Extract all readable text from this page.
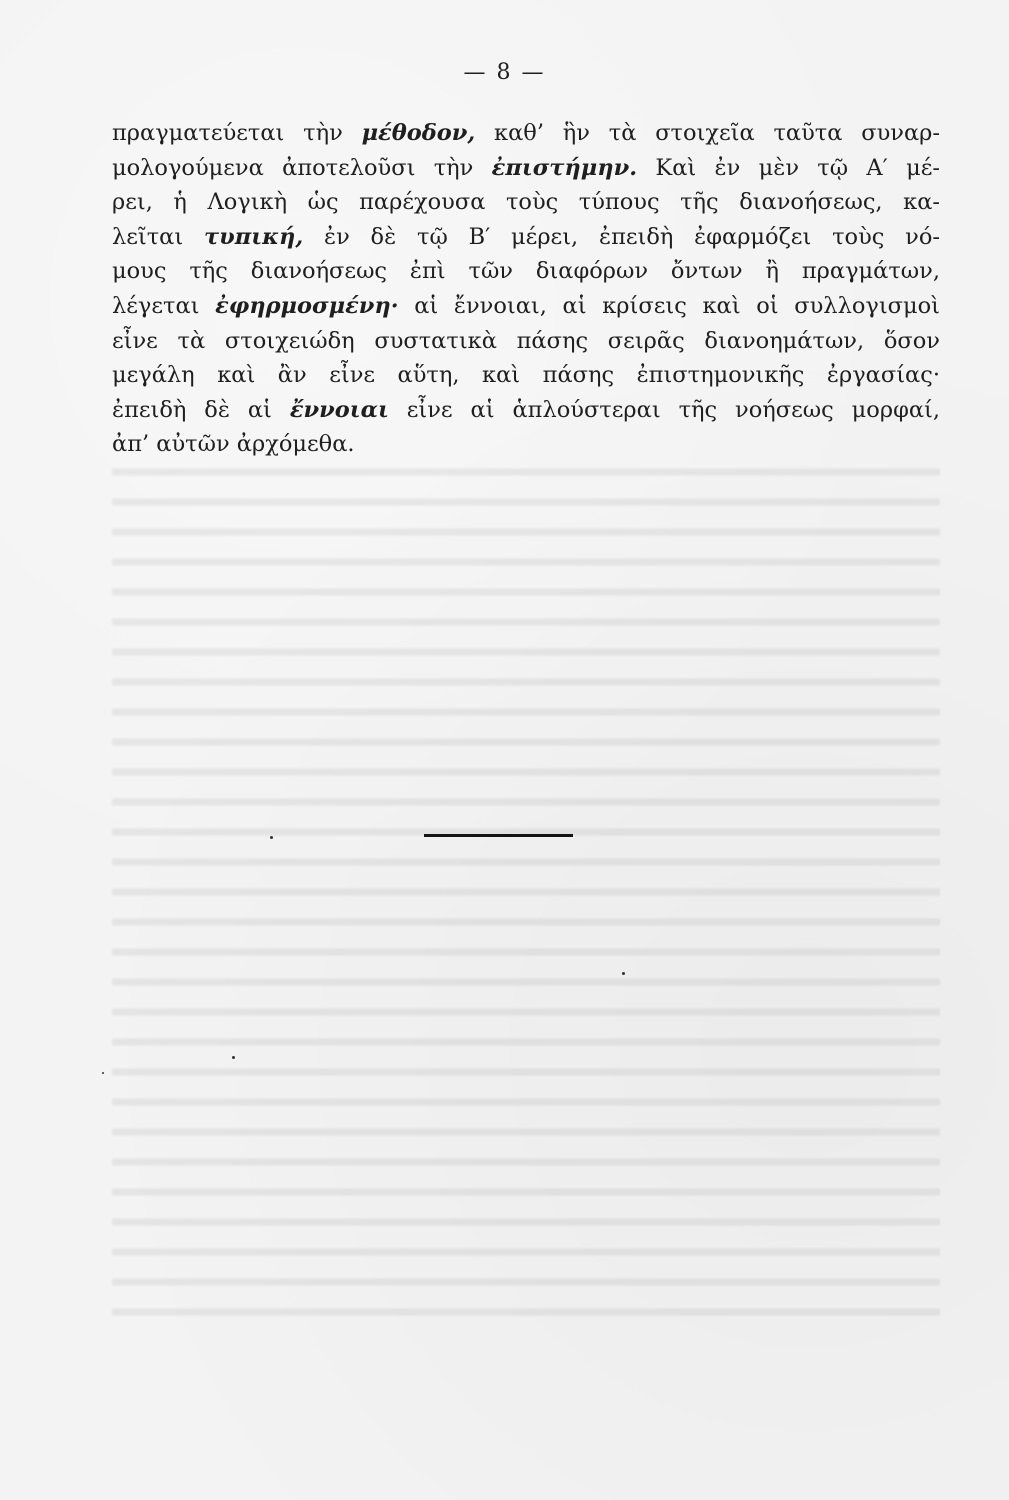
— 8 —
πραγματεύεται τὴν μέθοδον, καθ’ ἣν τὰ στοιχεῖα ταῦτα συναρ-
μολογούμενα ἀποτελοῦσι τὴν ἐπιστήμην. Καὶ ἐν μὲν τῷ Α′ μέ-
ρει, ἡ Λογικὴ ὡς παρέχουσα τοὺς τύπους τῆς διανοήσεως, κα-
λεῖται τυπική, ἐν δὲ τῷ Β′ μέρει, ἐπειδὴ ἐφαρμόζει τοὺς νό-
μους τῆς διανοήσεως ἐπὶ τῶν διαφόρων ὄντων ἢ πραγμάτων,
λέγεται ἐφηρμοσμένη· αἱ ἔννοιαι, αἱ κρίσεις καὶ οἱ συλλογισμοὶ
εἶνε τὰ στοιχειώδη συστατικὰ πάσης σειρᾶς διανοημάτων, ὅσον
μεγάλη καὶ ἂν εἶνε αὕτη, καὶ πάσης ἐπιστημονικῆς ἐργασίας·
ἐπειδὴ δὲ αἱ ἔννοιαι εἶνε αἱ ἁπλούστεραι τῆς νοήσεως μορφαί,
ἀπ’ αὐτῶν ἀρχόμεθα.
